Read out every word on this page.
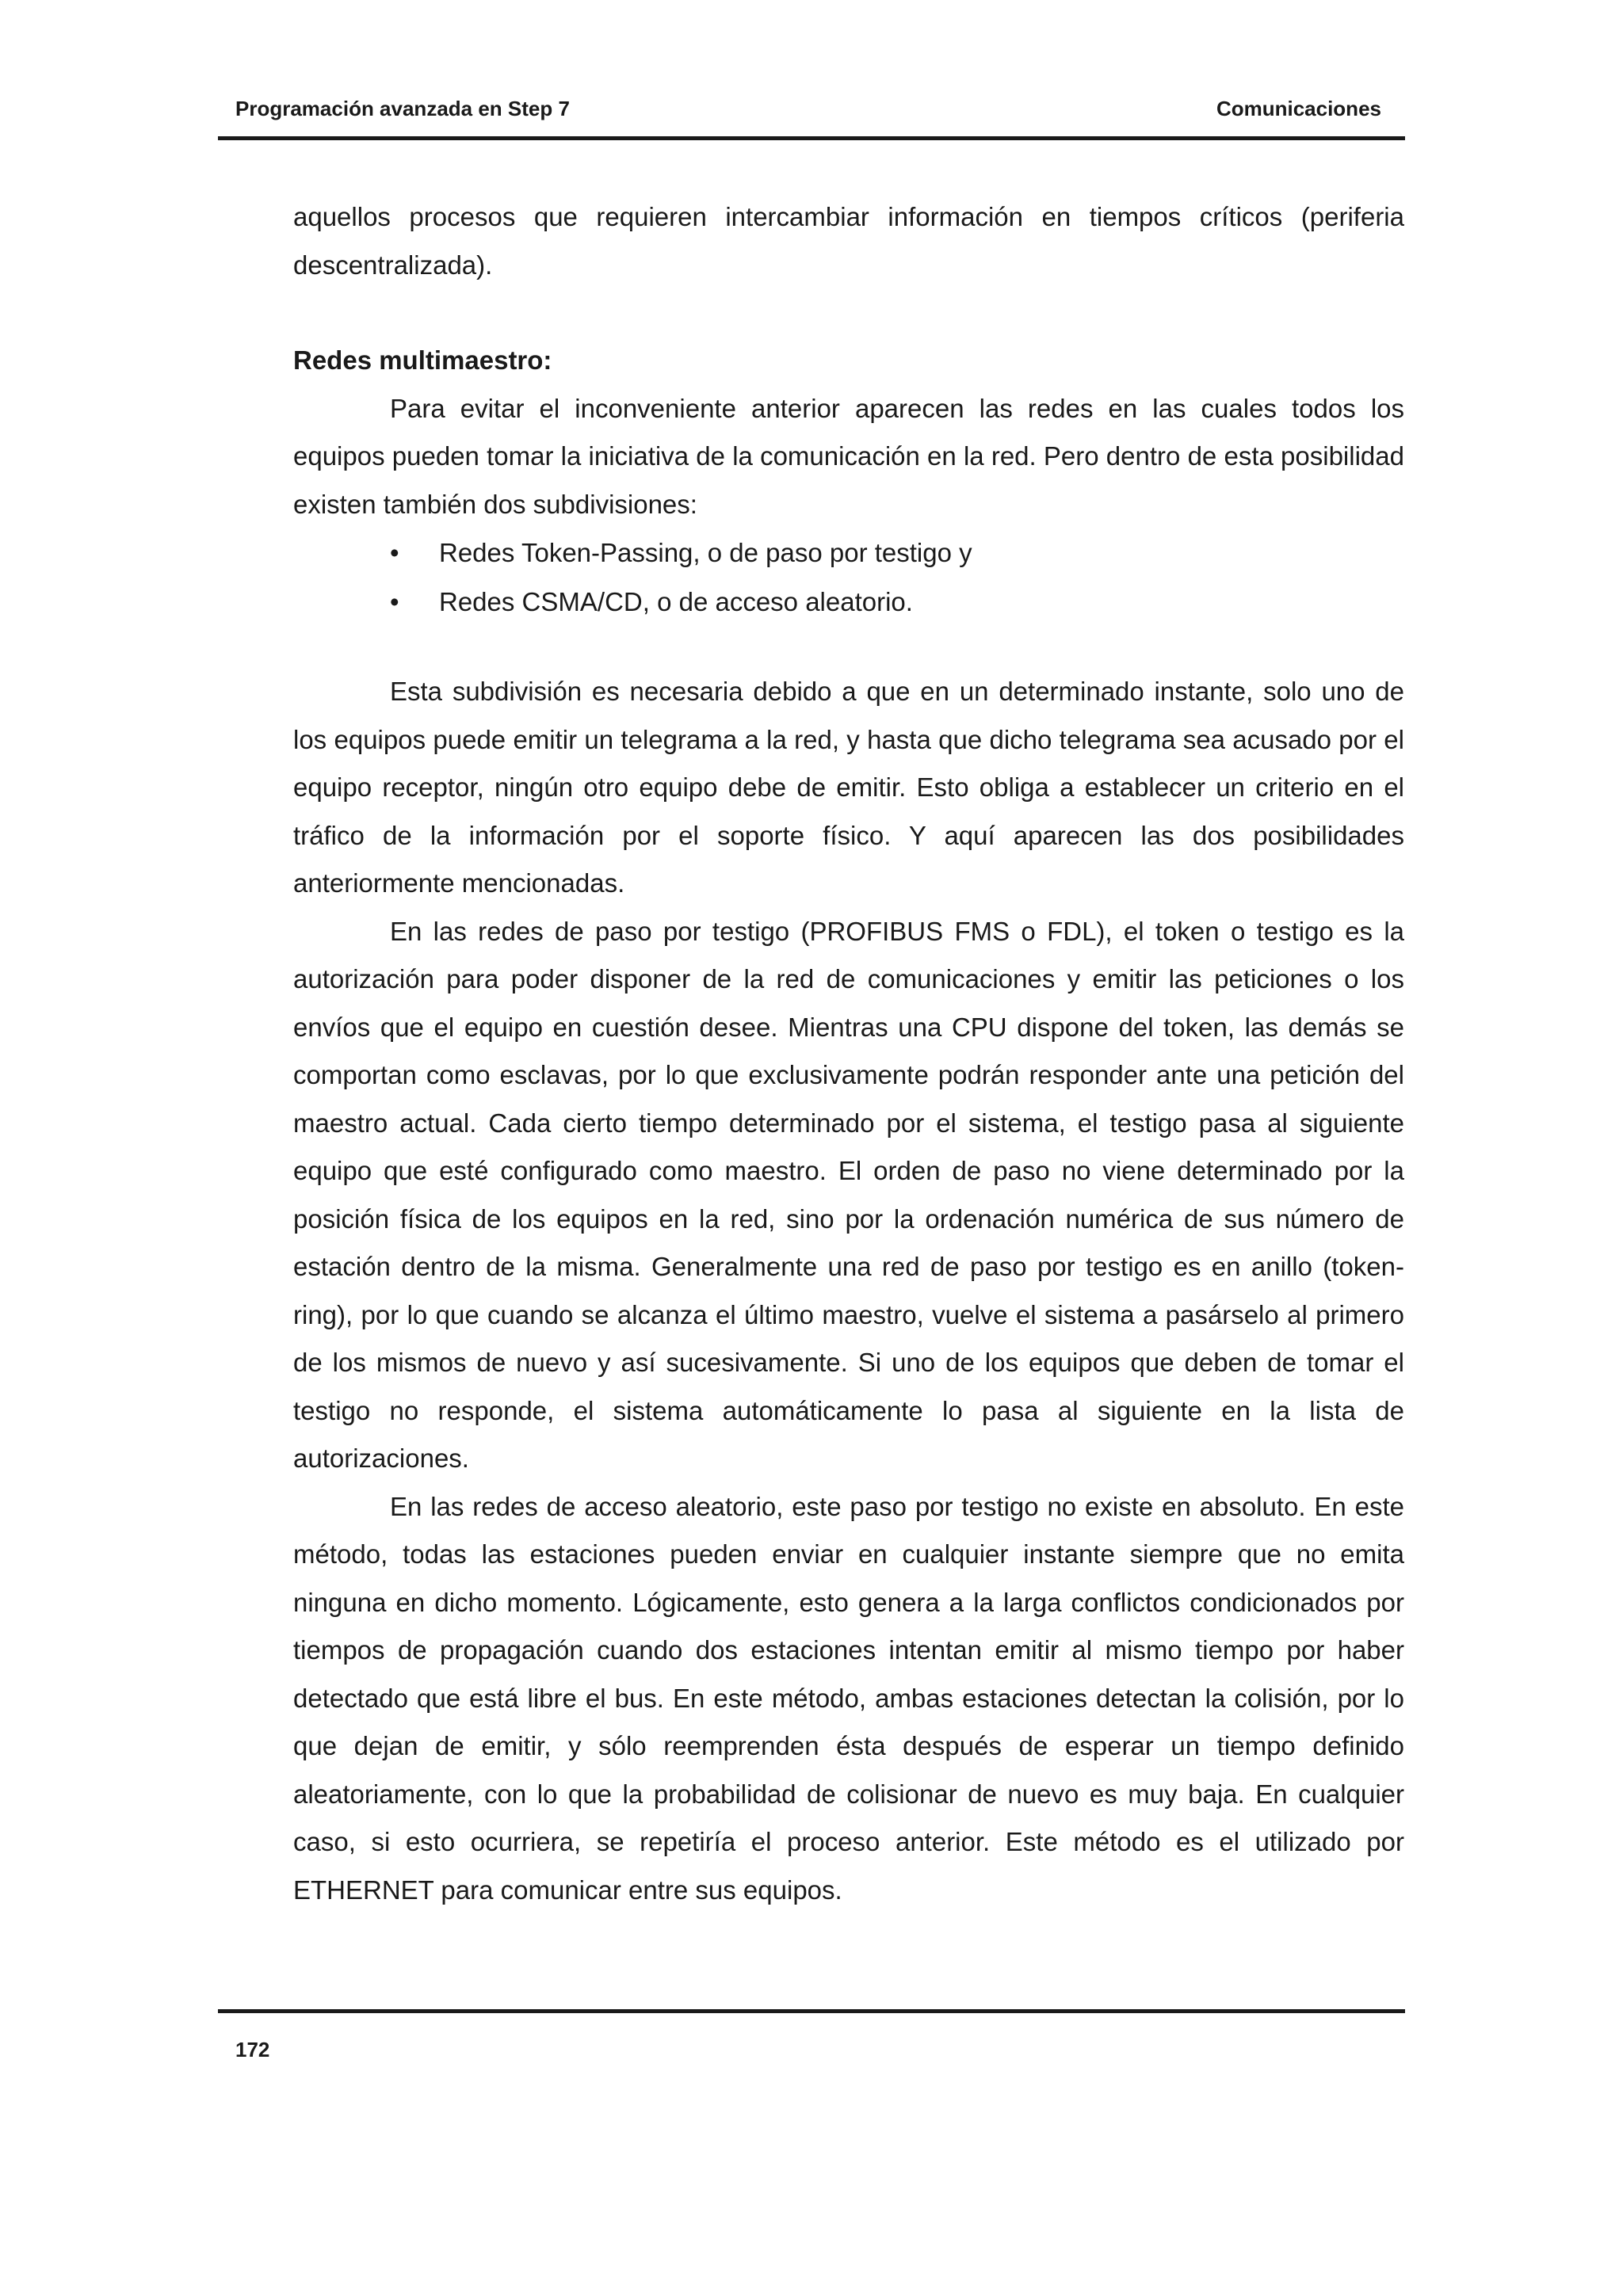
Programación avanzada en Step 7	Comunicaciones

aquellos procesos que requieren intercambiar información en tiempos críticos (periferia descentralizada).

Redes multimaestro:

Para evitar el inconveniente anterior aparecen las redes en las cuales todos los equipos pueden tomar la iniciativa de la comunicación en la red. Pero dentro de esta posibilidad existen también dos subdivisiones:

• Redes Token-Passing, o de paso por testigo y
• Redes CSMA/CD, o de acceso aleatorio.

Esta subdivisión es necesaria debido a que en un determinado instante, solo uno de los equipos puede emitir un telegrama a la red, y hasta que dicho telegrama sea acusado por el equipo receptor, ningún otro equipo debe de emitir. Esto obliga a establecer un criterio en el tráfico de la información por el soporte físico. Y aquí aparecen las dos posibilidades anteriormente mencionadas.

En las redes de paso por testigo (PROFIBUS FMS o FDL), el token o testigo es la autorización para poder disponer de la red de comunicaciones y emitir las peticiones o los envíos que el equipo en cuestión desee. Mientras una CPU dispone del token, las demás se comportan como esclavas, por lo que exclusivamente podrán responder ante una petición del maestro actual. Cada cierto tiempo determinado por el sistema, el testigo pasa al siguiente equipo que esté configurado como maestro. El orden de paso no viene determinado por la posición física de los equipos en la red, sino por la ordenación numérica de sus número de estación dentro de la misma. Generalmente una red de paso por testigo es en anillo (token-ring), por lo que cuando se alcanza el último maestro, vuelve el sistema a pasárselo al primero de los mismos de nuevo y así sucesivamente. Si uno de los equipos que deben de tomar el testigo no responde, el sistema automáticamente lo pasa al siguiente en la lista de autorizaciones.

En las redes de acceso aleatorio, este paso por testigo no existe en absoluto. En este método, todas las estaciones pueden enviar en cualquier instante siempre que no emita ninguna en dicho momento. Lógicamente, esto genera a la larga conflictos condicionados por tiempos de propagación cuando dos estaciones intentan emitir al mismo tiempo por haber detectado que está libre el bus. En este método, ambas estaciones detectan la colisión, por lo que dejan de emitir, y sólo reemprenden ésta después de esperar un tiempo definido aleatoriamente, con lo que la probabilidad de colisionar de nuevo es muy baja. En cualquier caso, si esto ocurriera, se repetiría el proceso anterior. Este método es el utilizado por ETHERNET para comunicar entre sus equipos.

172
